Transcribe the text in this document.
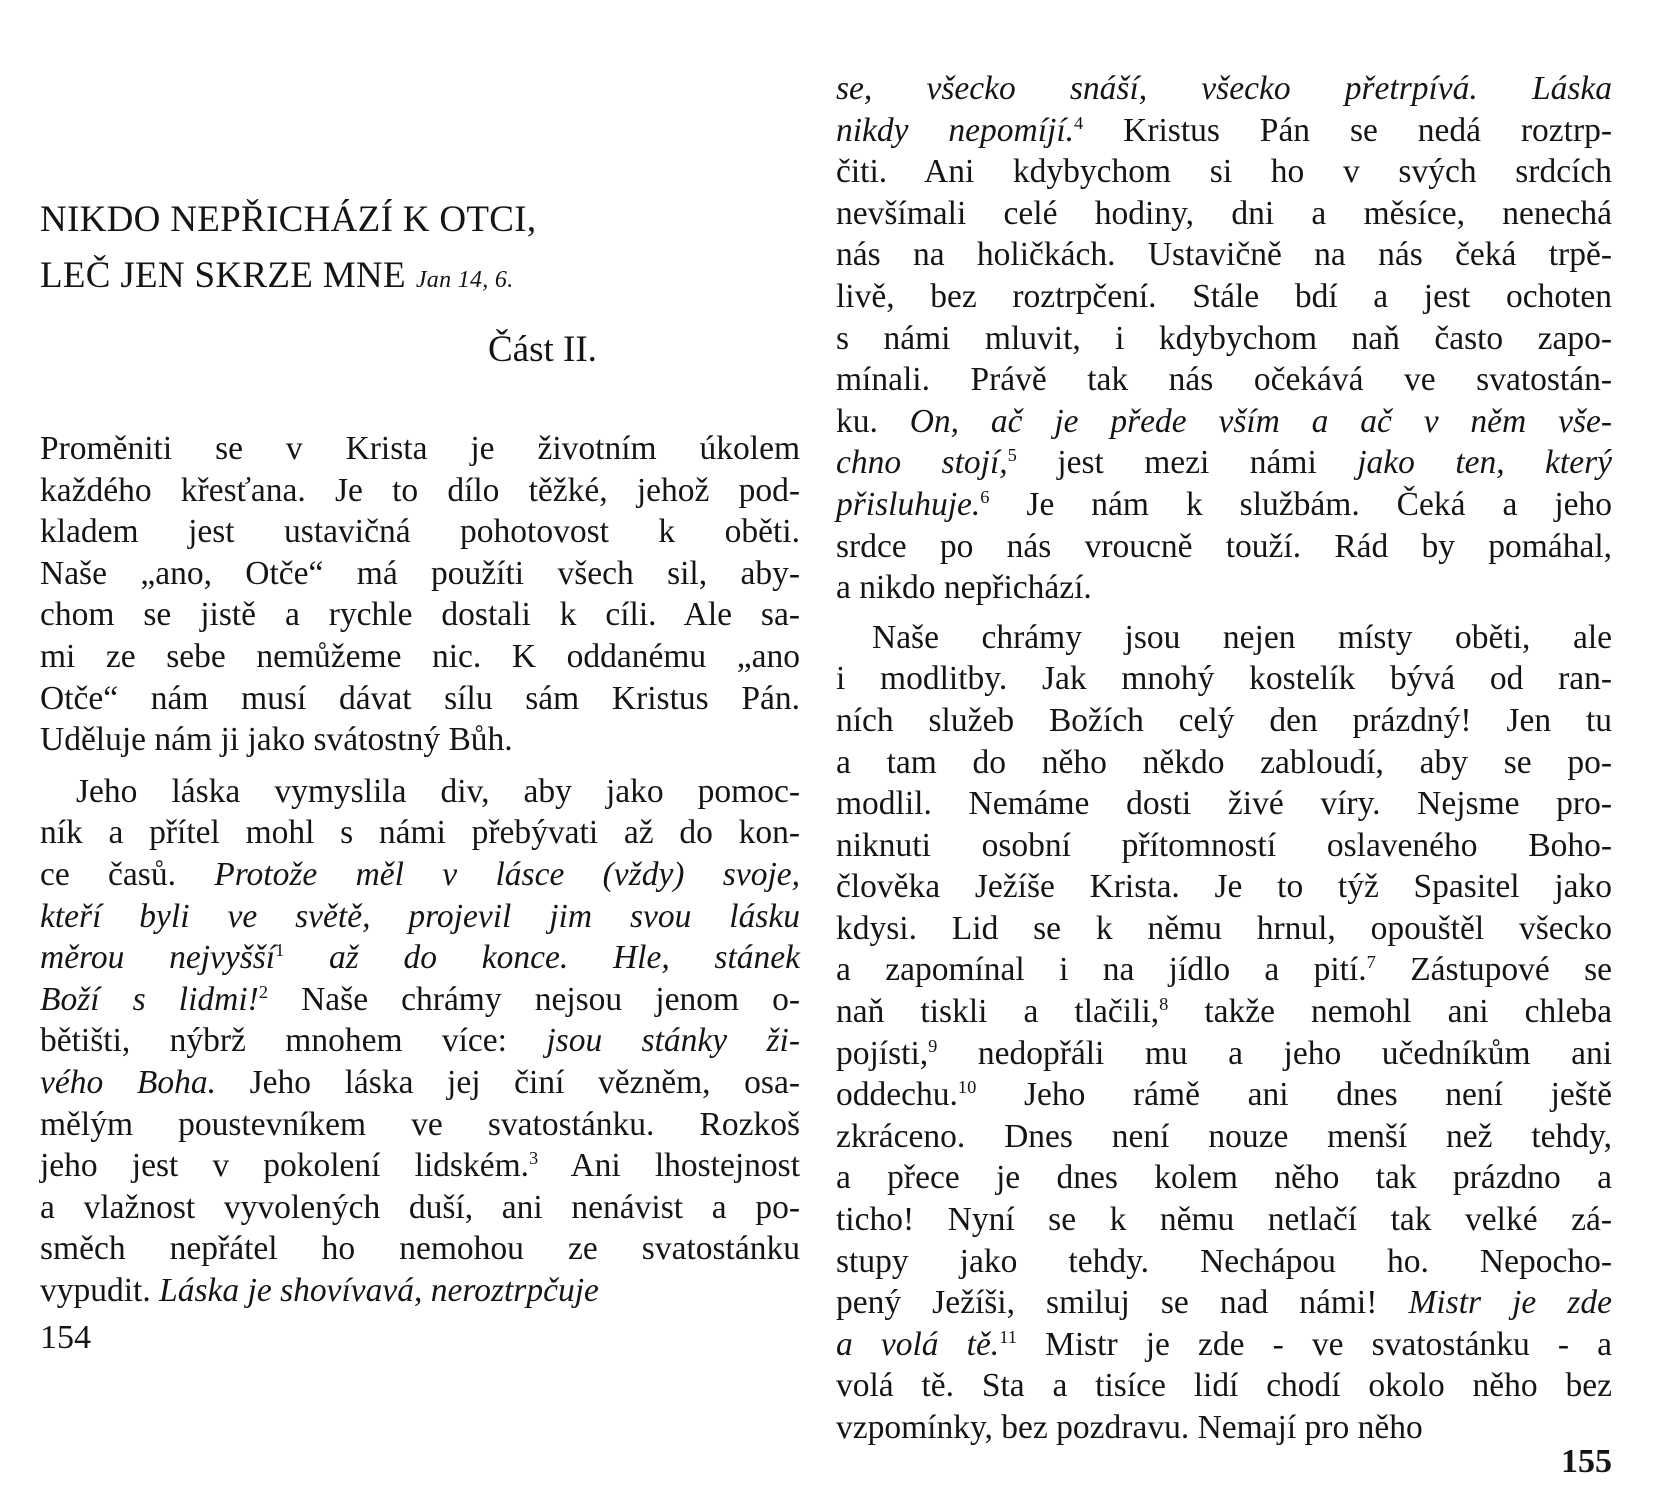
NIKDO NEPŘICHÁZÍ K OTCI,
LEČ JEN SKRZE MNE Jan 14, 6.
Část II.
Proměniti se v Krista je životním úkolem
každého křesťana. Je to dílo těžké, jehož pod-
kladem jest ustavičná pohotovost k oběti.
Naše „ano, Otče“ má použíti všech sil, aby-
chom se jistě a rychle dostali k cíli. Ale sa-
mi ze sebe nemůžeme nic. K oddanému „ano
Otče“ nám musí dávat sílu sám Kristus Pán.
Uděluje nám ji jako svátostný Bůh.
Jeho láska vymyslila div, aby jako pomoc-
ník a přítel mohl s námi přebývati až do kon-
ce časů. Protože měl v lásce (vždy) svoje,
kteří byli ve světě, projevil jim svou lásku
měrou nejvyšší$^1$ až do konce. Hle, stánek
Boží s lidmi!$^2$ Naše chrámy nejsou jenom o-
bětišti, nýbrž mnohem více: jsou stánky ži-
vého Boha. Jeho láska jej činí vězněm, osa-
mělým poustevníkem ve svatostánku. Rozkoš
jeho jest v pokolení lidském.$^3$ Ani lhostejnost
a vlažnost vyvolených duší, ani nenávist a po-
směch nepřátel ho nemohou ze svatostánku
vypudit. Láska je shovívavá, neroztrpčuje
154
se, všecko snáší, všecko přetrpívá. Láska
nikdy nepomíjí.$^4$ Kristus Pán se nedá roztrp-
čiti. Ani kdybychom si ho v svých srdcích
nevšímali celé hodiny, dni a měsíce, nenechá
nás na holičkách. Ustavičně na nás čeká trpě-
livě, bez roztrpčení. Stále bdí a jest ochoten
s námi mluvit, i kdybychom naň často zapo-
mínali. Právě tak nás očekává ve svatostán-
ku. On, ač je přede vším a ač v něm vše-
chno stojí,$^5$ jest mezi námi jako ten, který
přisluhuje.$^6$ Je nám k službám. Čeká a jeho
srdce po nás vroucně touží. Rád by pomáhal,
a nikdo nepřichází.
Naše chrámy jsou nejen místy oběti, ale
i modlitby. Jak mnohý kostelík bývá od ran-
ních služeb Božích celý den prázdný! Jen tu
a tam do něho někdo zabloudí, aby se po-
modlil. Nemáme dosti živé víry. Nejsme pro-
niknuti osobní přítomností oslaveného Boho-
člověka Ježíše Krista. Je to týž Spasitel jako
kdysi. Lid se k němu hrnul, opouštěl všecko
a zapomínal i na jídlo a pití.$^7$ Zástupové se
naň tiskli a tlačili,$^8$ takže nemohl ani chleba
pojísti,$^9$ nedopřáli mu a jeho učedníkům ani
oddechu.$^{10}$ Jeho rámě ani dnes není ještě
zkráceno. Dnes není nouze menší než tehdy,
a přece je dnes kolem něho tak prázdno a
ticho! Nyní se k němu netlačí tak velké zá-
stupy jako tehdy. Nechápou ho. Nepocho-
pený Ježíši, smiluj se nad námi! Mistr je zde
a volá tě.$^{11}$ Mistr je zde - ve svatostánku - a
volá tě. Sta a tisíce lidí chodí okolo něho bez
vzpomínky, bez pozdravu. Nemají pro něho
155
